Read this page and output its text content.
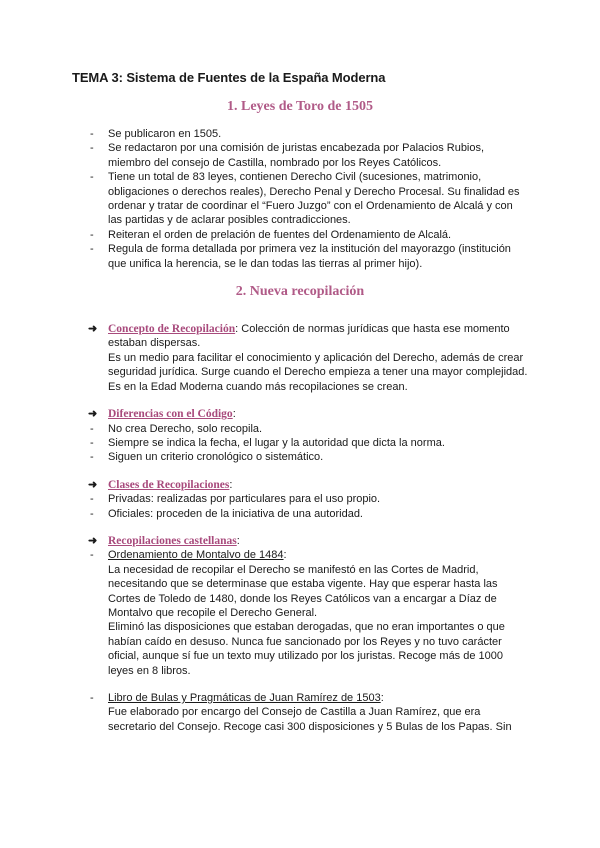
TEMA 3: Sistema de Fuentes de la España Moderna
1. Leyes de Toro de 1505
- Se publicaron en 1505.
- Se redactaron por una comisión de juristas encabezada por Palacios Rubios, miembro del consejo de Castilla, nombrado por los Reyes Católicos.
- Tiene un total de 83 leyes, contienen Derecho Civil (sucesiones, matrimonio, obligaciones o derechos reales), Derecho Penal y Derecho Procesal. Su finalidad es ordenar y tratar de coordinar el “Fuero Juzgo” con el Ordenamiento de Alcalá y con las partidas y de aclarar posibles contradicciones.
- Reiteran el orden de prelación de fuentes del Ordenamiento de Alcalá.
- Regula de forma detallada por primera vez la institución del mayorazgo (institución que unifica la herencia, se le dan todas las tierras al primer hijo).
2. Nueva recopilación
➜ Concepto de Recopilación: Colección de normas jurídicas que hasta ese momento estaban dispersas.
Es un medio para facilitar el conocimiento y aplicación del Derecho, además de crear seguridad jurídica. Surge cuando el Derecho empieza a tener una mayor complejidad. Es en la Edad Moderna cuando más recopilaciones se crean.
➜ Diferencias con el Código:
- No crea Derecho, solo recopila.
- Siempre se indica la fecha, el lugar y la autoridad que dicta la norma.
- Siguen un criterio cronológico o sistemático.
➜ Clases de Recopilaciones:
- Privadas: realizadas por particulares para el uso propio.
- Oficiales: proceden de la iniciativa de una autoridad.
➜ Recopilaciones castellanas:
- Ordenamiento de Montalvo de 1484:
La necesidad de recopilar el Derecho se manifestó en las Cortes de Madrid, necesitando que se determinase que estaba vigente. Hay que esperar hasta las Cortes de Toledo de 1480, donde los Reyes Católicos van a encargar a Díaz de Montalvo que recopile el Derecho General.
Eliminó las disposiciones que estaban derogadas, que no eran importantes o que habían caído en desuso. Nunca fue sancionado por los Reyes y no tuvo carácter oficial, aunque sí fue un texto muy utilizado por los juristas. Recoge más de 1000 leyes en 8 libros.
- Libro de Bulas y Pragmáticas de Juan Ramírez de 1503:
Fue elaborado por encargo del Consejo de Castilla a Juan Ramírez, que era secretario del Consejo. Recoge casi 300 disposiciones y 5 Bulas de los Papas. Sin
